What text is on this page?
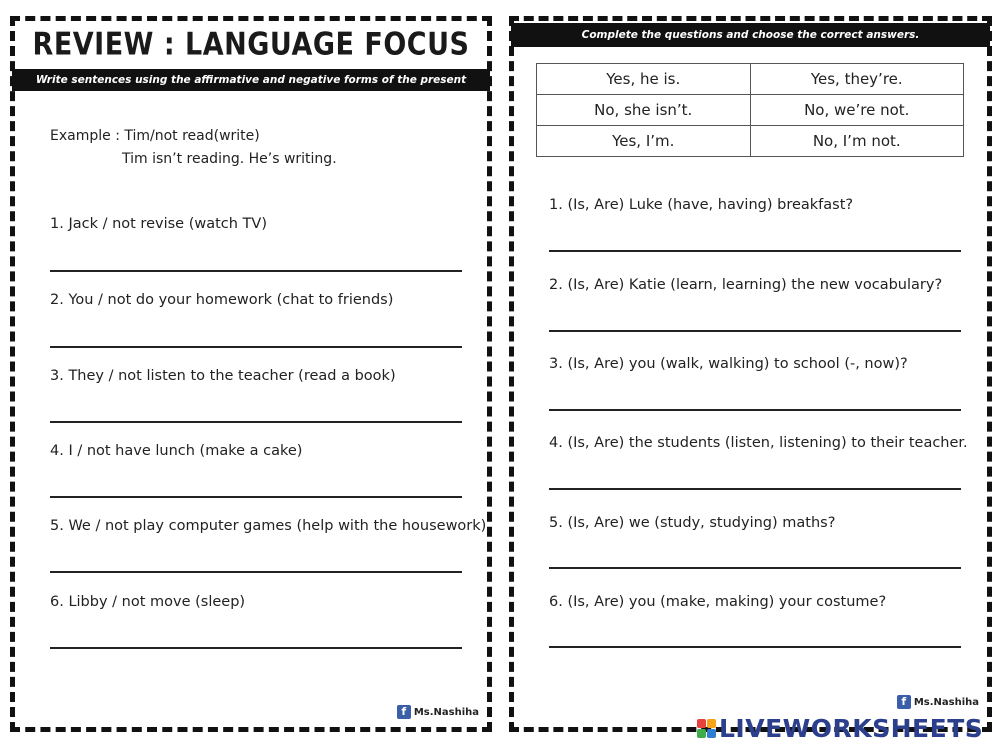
REVIEW : LANGUAGE FOCUS
Write sentences using the affirmative and negative forms of the present continuous.
Example : Tim/not read(write)
Tim isn’t reading. He’s writing.
1. Jack / not revise (watch TV)
2. You / not do your homework (chat to friends)
3. They / not listen to the teacher (read a book)
4. I / not have lunch (make a cake)
5. We / not play computer games (help with the housework)
6. Libby / not move (sleep)
f Ms.Nashiha
Complete the questions and choose the correct answers.
Yes, he is.	Yes, they’re.
No, she isn’t.	No, we’re not.
Yes, I’m.	No, I’m not.
1. (Is, Are) Luke (have, having) breakfast?
2. (Is, Are) Katie (learn, learning) the new vocabulary?
3. (Is, Are) you (walk, walking) to school (-, now)?
4. (Is, Are) the students (listen, listening) to their teacher.
5. (Is, Are) we (study, studying) maths?
6. (Is, Are) you (make, making) your costume?
f Ms.Nashiha
LIVEWORKSHEETS
